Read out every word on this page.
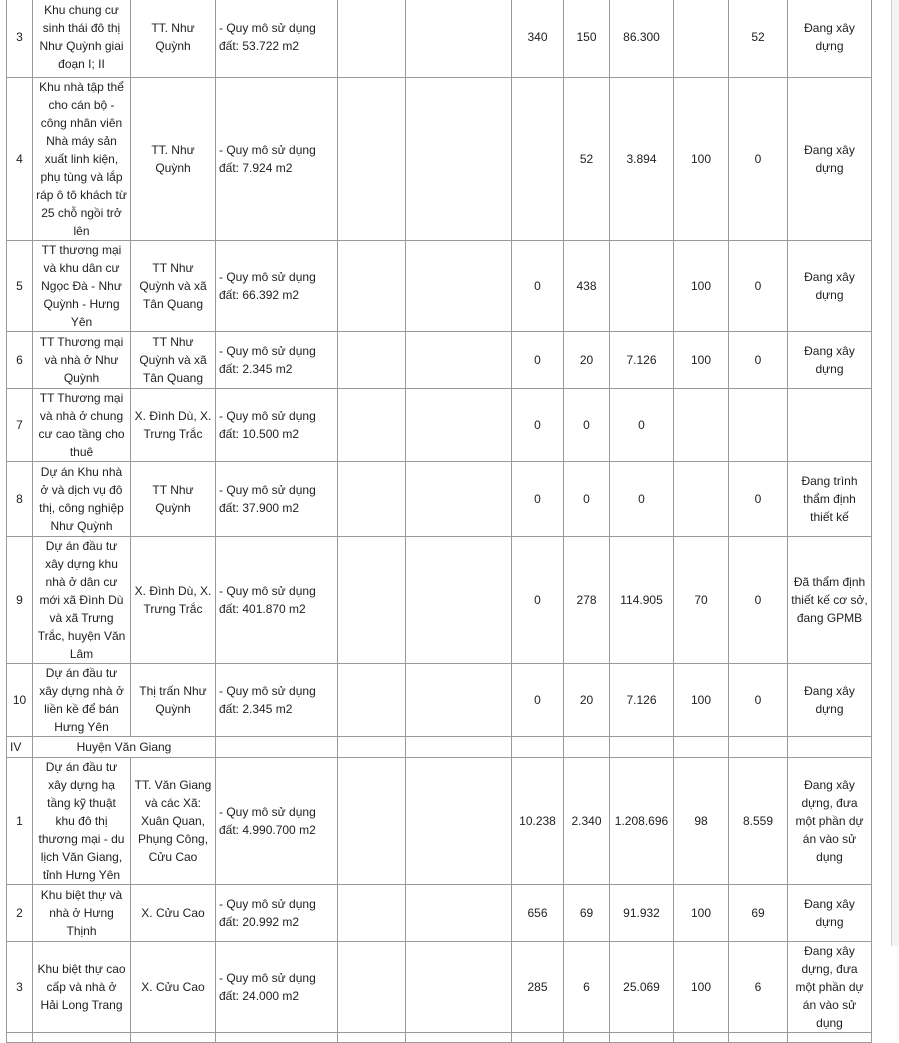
3	Khu chung cư sinh thái đô thị Như Quỳnh giai đoạn I; II	TT. Như Quỳnh	- Quy mô sử dụng đất: 53.722 m2			340	150	86.300		52	Đang xây dựng
4	Khu nhà tập thể cho cán bộ - công nhân viên Nhà máy sản xuất linh kiện, phụ tùng và lắp ráp ô tô khách từ 25 chỗ ngồi trở lên	TT. Như Quỳnh	- Quy mô sử dụng đất: 7.924 m2				52	3.894	100	0	Đang xây dựng
5	TT thương mại và khu dân cư Ngọc Đà - Như Quỳnh - Hưng Yên	TT Như Quỳnh và xã Tân Quang	- Quy mô sử dụng đất: 66.392 m2			0	438		100	0	Đang xây dựng
6	TT Thương mại và nhà ở Như Quỳnh	TT Như Quỳnh và xã Tân Quang	- Quy mô sử dụng đất: 2.345 m2			0	20	7.126	100	0	Đang xây dựng
7	TT Thương mại và nhà ở chung cư cao tầng cho thuê	X. Đình Dù, X. Trưng Trắc	- Quy mô sử dụng đất: 10.500 m2			0	0	0			
8	Dự án Khu nhà ở và dịch vụ đô thị, công nghiệp Như Quỳnh	TT Như Quỳnh	- Quy mô sử dụng đất: 37.900 m2			0	0	0		0	Đang trình thẩm định thiết kế
9	Dự án đầu tư xây dựng khu nhà ở dân cư mới xã Đình Dù và xã Trưng Trắc, huyện Văn Lâm	X. Đình Dù, X. Trưng Trắc	- Quy mô sử dụng đất: 401.870 m2			0	278	114.905	70	0	Đã thẩm định thiết kế cơ sở, đang GPMB
10	Dự án đầu tư xây dựng nhà ở liền kề để bán Hưng Yên	Thị trấn Như Quỳnh	- Quy mô sử dụng đất: 2.345 m2			0	20	7.126	100	0	Đang xây dựng
IV	Huyện Văn Giang										
1	Dự án đầu tư xây dựng hạ tầng kỹ thuật khu đô thị thương mại - du lịch Văn Giang, tỉnh Hưng Yên	TT. Văn Giang và các Xã: Xuân Quan, Phụng Công, Cửu Cao	- Quy mô sử dụng đất: 4.990.700 m2			10.238	2.340	1.208.696	98	8.559	Đang xây dựng, đưa một phần dự án vào sử dụng
2	Khu biệt thự và nhà ở Hưng Thịnh	X. Cửu Cao	- Quy mô sử dụng đất: 20.992 m2			656	69	91.932	100	69	Đang xây dựng
3	Khu biệt thự cao cấp và nhà ở Hải Long Trang	X. Cửu Cao	- Quy mô sử dụng đất: 24.000 m2			285	6	25.069	100	6	Đang xây dựng, đưa một phần dự án vào sử dụng
